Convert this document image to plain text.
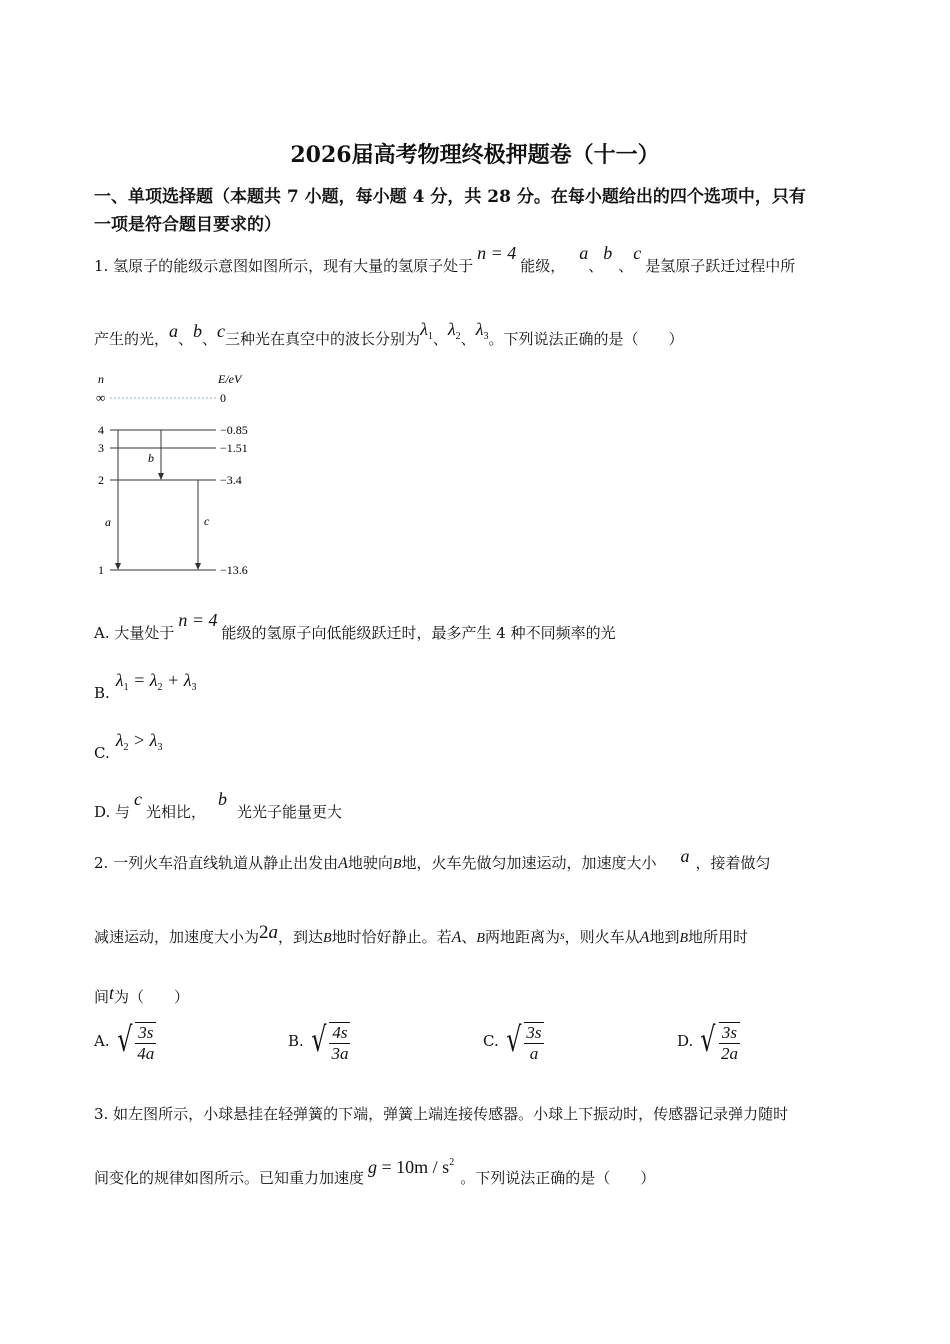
2026届高考物理终极押题卷（十一）
一、单项选择题（本题共 7 小题，每小题 4 分，共 28 分。在每小题给出的四个选项中，只有
一项是符合题目要求的）
1. 氢原子的能级示意图如图所示，现有大量的氢原子处于n = 4能级，a、b、c是氢原子跃迁过程中所
产生的光，a、b、c三种光在真空中的波长分别为$\lambda_1$、$\lambda_2$、$\lambda_3$。下列说法正确的是（　　）
n	E/eV
∞	0
4	−0.85
3	−1.51
2	−3.4
1	−13.6
a
b
c
A. 大量处于n = 4能级的氢原子向低能级跃迁时，最多产生 4 种不同频率的光
$B.\lambda_1 = \lambda_2 + \lambda_3$
$C.\lambda_2 > \lambda_3$
D. 与c光相比，b光光子能量更大
2. 一列火车沿直线轨道从静止出发由A地驶向B地，火车先做匀加速运动，加速度大小 a ，接着做匀
减速运动，加速度大小为2a，到达B地时恰好静止。若A、B两地距离为$^s$，则火车从A地到B地所用时
间t为（　　）
A. √ $\frac{3s}{4a}$	B. √ $\frac{4s}{3a}$	C. √ $\frac{3s}{a}$	D. √ $\frac{3s}{2a}$
3. 如左图所示，小球悬挂在轻弹簧的下端，弹簧上端连接传感器。小球上下振动时，传感器记录弹力随时
间变化的规律如图所示。已知重力加速度$g = 10m / s^2$。下列说法正确的是（　　）
